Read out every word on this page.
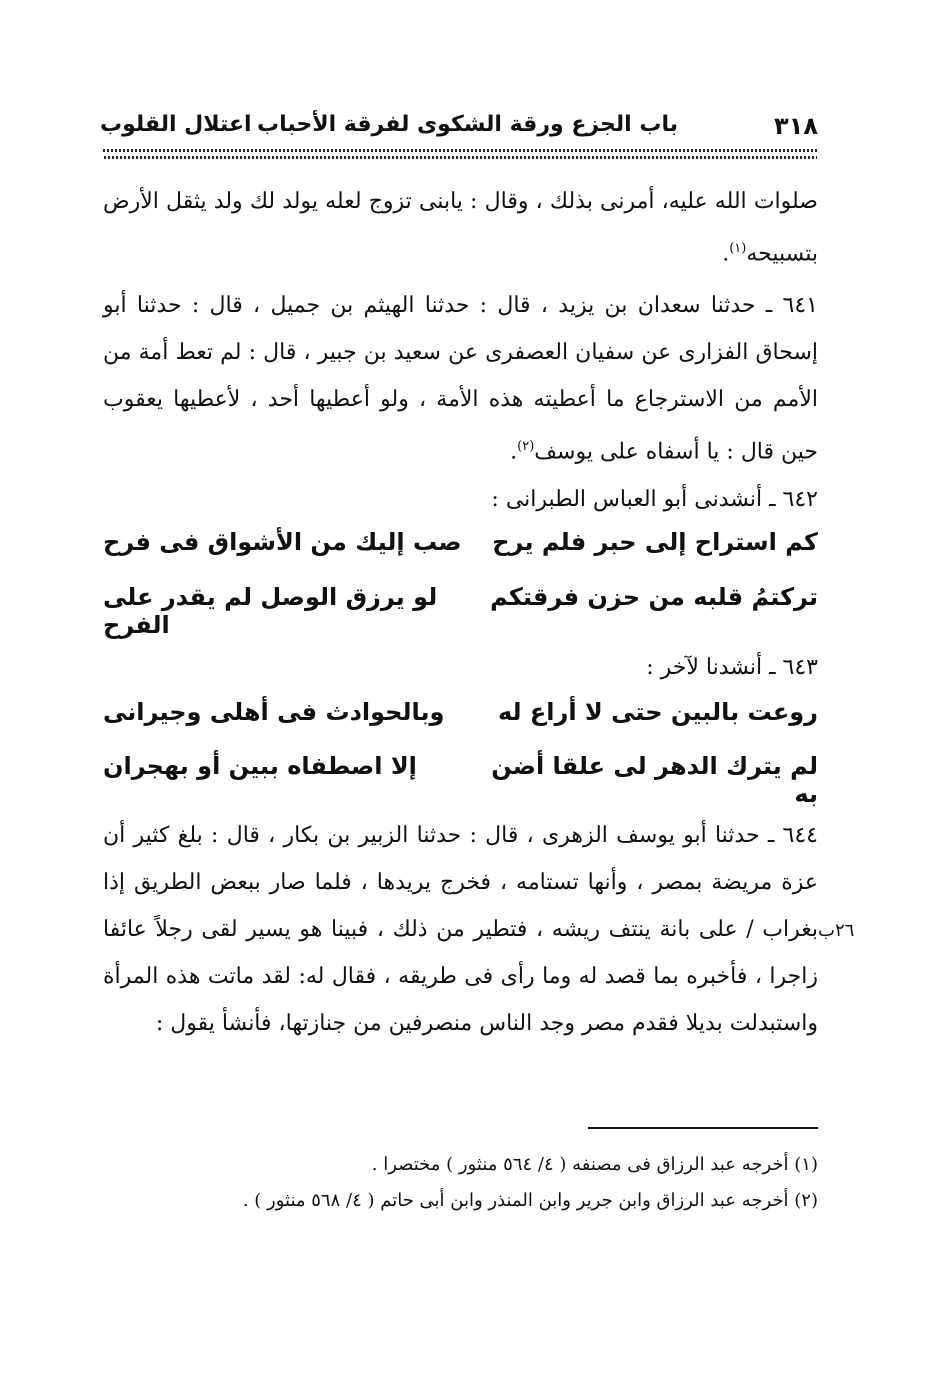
٣١٨
باب الجزع ورقة الشكوى لفرقة الأحباب
اعتلال القلوب
صلوات الله عليه، أمرنى بذلك ، وقال : يابنى تزوج لعله يولد لك ولد يثقل الأرض بتسبيحه$^{(١)}$.
٦٤١ ـ حدثنا سعدان بن يزيد ، قال : حدثنا الهيثم بن جميل ، قال : حدثنا أبو إسحاق الفزارى عن سفيان العصفرى عن سعيد بن جبير ، قال : لم تعط أمة من الأمم من الاسترجاع ما أعطيته هذه الأمة ، ولو أعطيها أحد ، لأعطيها يعقوب حين قال : يا أسفاه على يوسف$^{(٢)}$.
٦٤٢ ـ أنشدنى أبو العباس الطبرانى :
كم استراح إلى حبر فلم يرح
صب إليك من الأشواق فى فرح
تركتمُ قلبه من حزن فرقتكم
لو يرزق الوصل لم يقدر على الفرح
٦٤٣ ـ أنشدنا لآخر :
روعت بالبين حتى لا أراع له
وبالحوادث فى أهلى وجيرانى
لم يترك الدهر لى علقا أضن به
إلا اصطفاه ببين أو بهجران
٦٤٤ ـ حدثنا أبو يوسف الزهرى ، قال : حدثنا الزبير بن بكار ، قال : بلغ كثير أن عزة مريضة بمصر ، وأنها تستامه ، فخرج يريدها ، فلما صار ببعض الطريق إذا بغراب / على بانة ينتف ريشه ، فتطير من ذلك ، فبينا هو يسير لقى رجلاً عائفا زاجرا ، فأخبره بما قصد له وما رأى فى طريقه ، فقال له: لقد ماتت هذه المرأة واستبدلت بديلا فقدم مصر وجد الناس منصرفين من جنازتها، فأنشأ يقول :
٢٦ب
(١) أخرجه عبد الرزاق فى مصنفه ( ٤/ ٥٦٤ منثور ) مختصرا .
(٢) أخرجه عبد الرزاق وابن جرير وابن المنذر وابن أبى حاتم ( ٤/ ٥٦٨ منثور ) .
